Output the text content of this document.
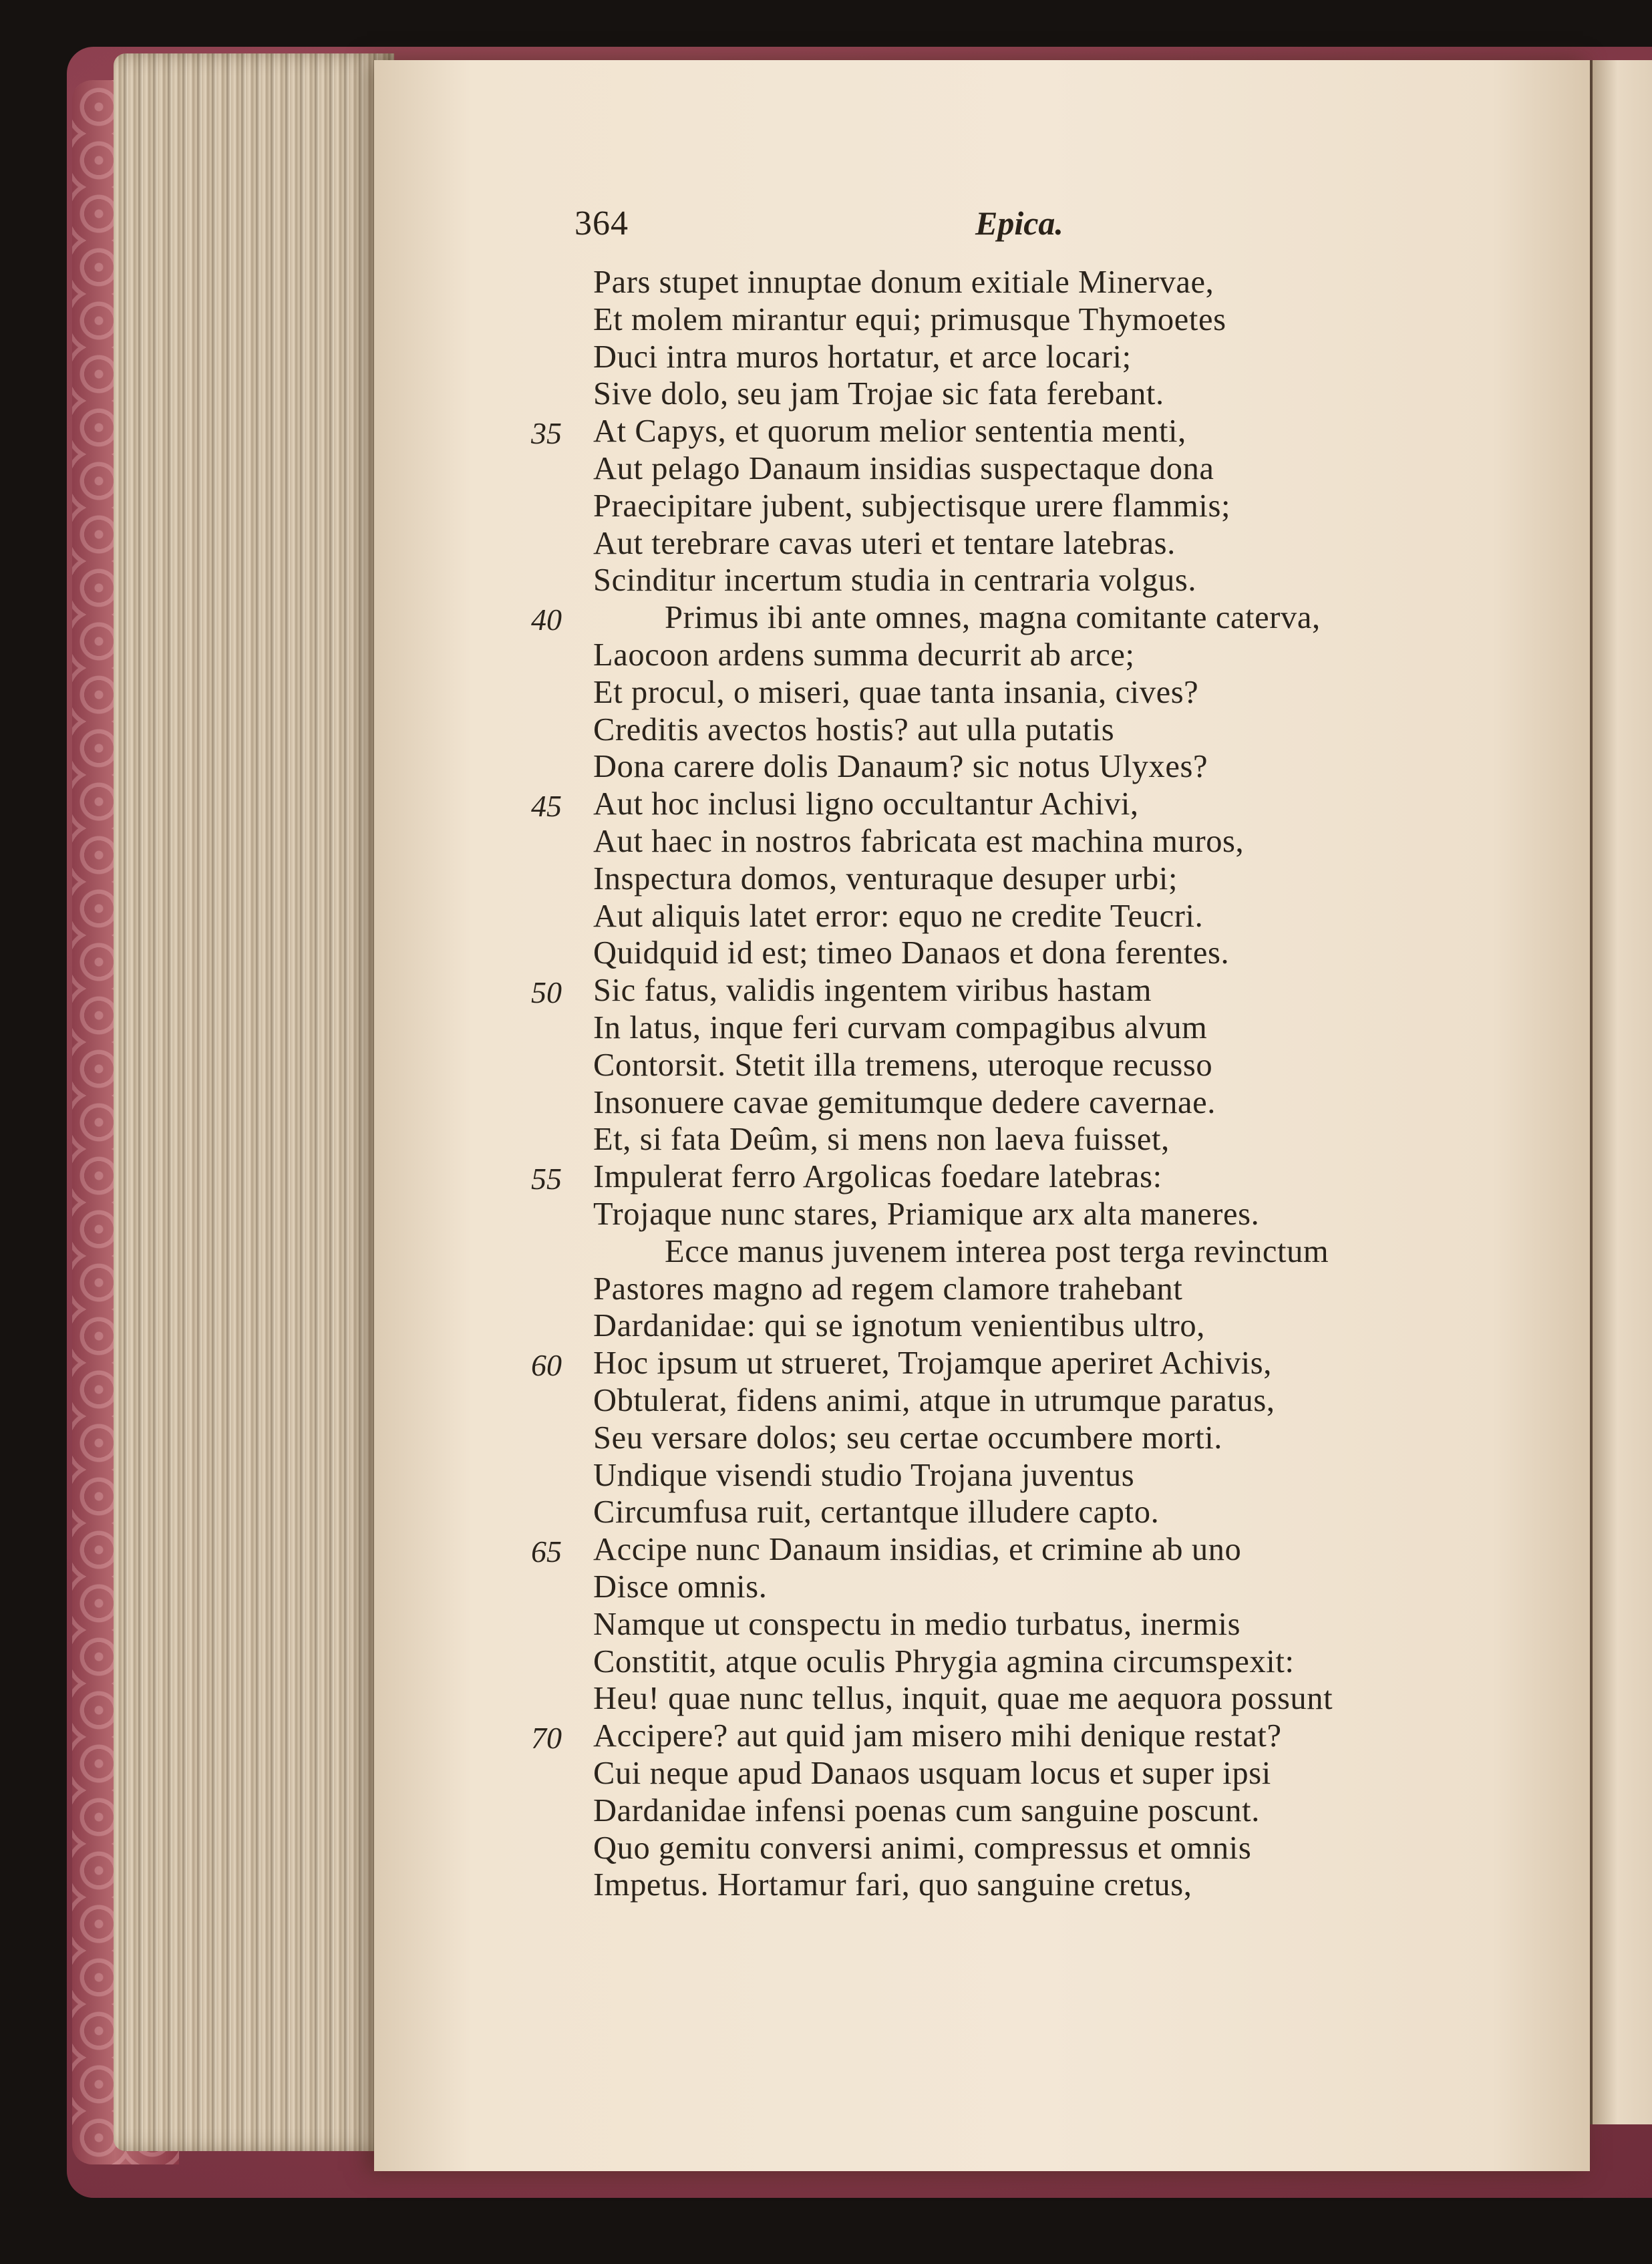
364	Epica.
Pars stupet innuptae donum exitiale Minervae,
Et molem mirantur equi; primusque Thymoetes
Duci intra muros hortatur, et arce locari;
Sive dolo, seu jam Trojae sic fata ferebant.
At Capys, et quorum melior sententia menti,
35
Aut pelago Danaum insidias suspectaque dona
Praecipitare jubent, subjectisque urere flammis;
Aut terebrare cavas uteri et tentare latebras.
Scinditur incertum studia in centraria volgus.
Primus ibi ante omnes, magna comitante caterva,
40
Laocoon ardens summa decurrit ab arce;
Et procul, o miseri, quae tanta insania, cives?
Creditis avectos hostis? aut ulla putatis
Dona carere dolis Danaum? sic notus Ulyxes?
Aut hoc inclusi ligno occultantur Achivi,
45
Aut haec in nostros fabricata est machina muros,
Inspectura domos, venturaque desuper urbi;
Aut aliquis latet error: equo ne credite Teucri.
Quidquid id est; timeo Danaos et dona ferentes.
Sic fatus, validis ingentem viribus hastam
50
In latus, inque feri curvam compagibus alvum
Contorsit. Stetit illa tremens, uteroque recusso
Insonuere cavae gemitumque dedere cavernae.
Et, si fata Deûm, si mens non laeva fuisset,
Impulerat ferro Argolicas foedare latebras:
55
Trojaque nunc stares, Priamique arx alta maneres.
Ecce manus juvenem interea post terga revinctum
Pastores magno ad regem clamore trahebant
Dardanidae: qui se ignotum venientibus ultro,
Hoc ipsum ut strueret, Trojamque aperiret Achivis,
60
Obtulerat, fidens animi, atque in utrumque paratus,
Seu versare dolos; seu certae occumbere morti.
Undique visendi studio Trojana juventus
Circumfusa ruit, certantque illudere capto.
Accipe nunc Danaum insidias, et crimine ab uno
65
Disce omnis.
Namque ut conspectu in medio turbatus, inermis
Constitit, atque oculis Phrygia agmina circumspexit:
Heu! quae nunc tellus, inquit, quae me aequora possunt
Accipere? aut quid jam misero mihi denique restat?
70
Cui neque apud Danaos usquam locus et super ipsi
Dardanidae infensi poenas cum sanguine poscunt.
Quo gemitu conversi animi, compressus et omnis
Impetus. Hortamur fari, quo sanguine cretus,
